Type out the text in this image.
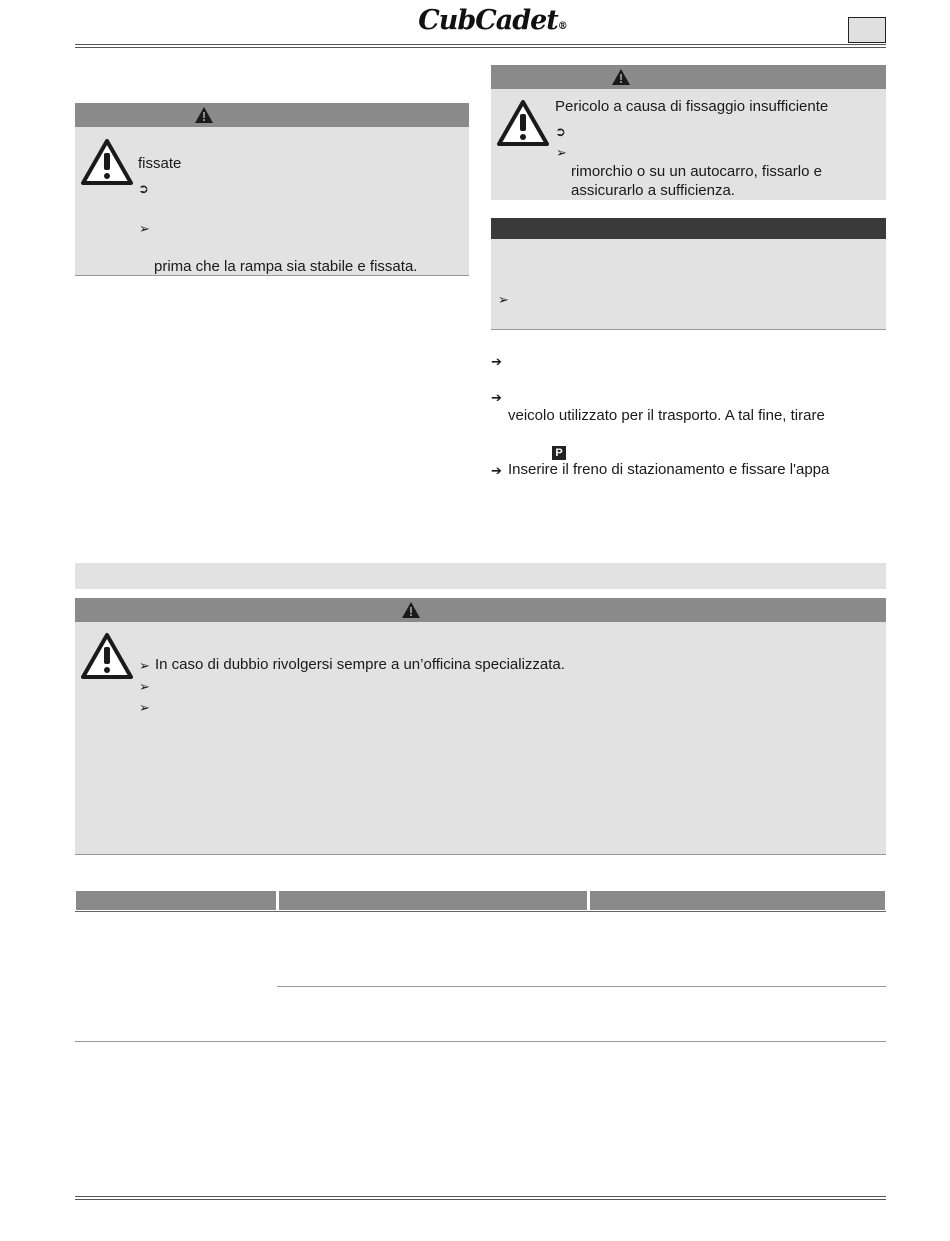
CubCadet®
fissate
➲
➢
prima che la rampa sia stabile e fissata.
Pericolo a causa di fissaggio insufficiente
➲
➢
rimorchio o su un autocarro, fissarlo e
assicurarlo a sufficienza.
➢
➔
➔
veicolo utilizzato per il trasporto. A tal fine, tirare
P
➔ Inserire il freno di stazionamento e fissare l'appa
➢ In caso di dubbio rivolgersi sempre a un’officina specializzata.
➢
➢
